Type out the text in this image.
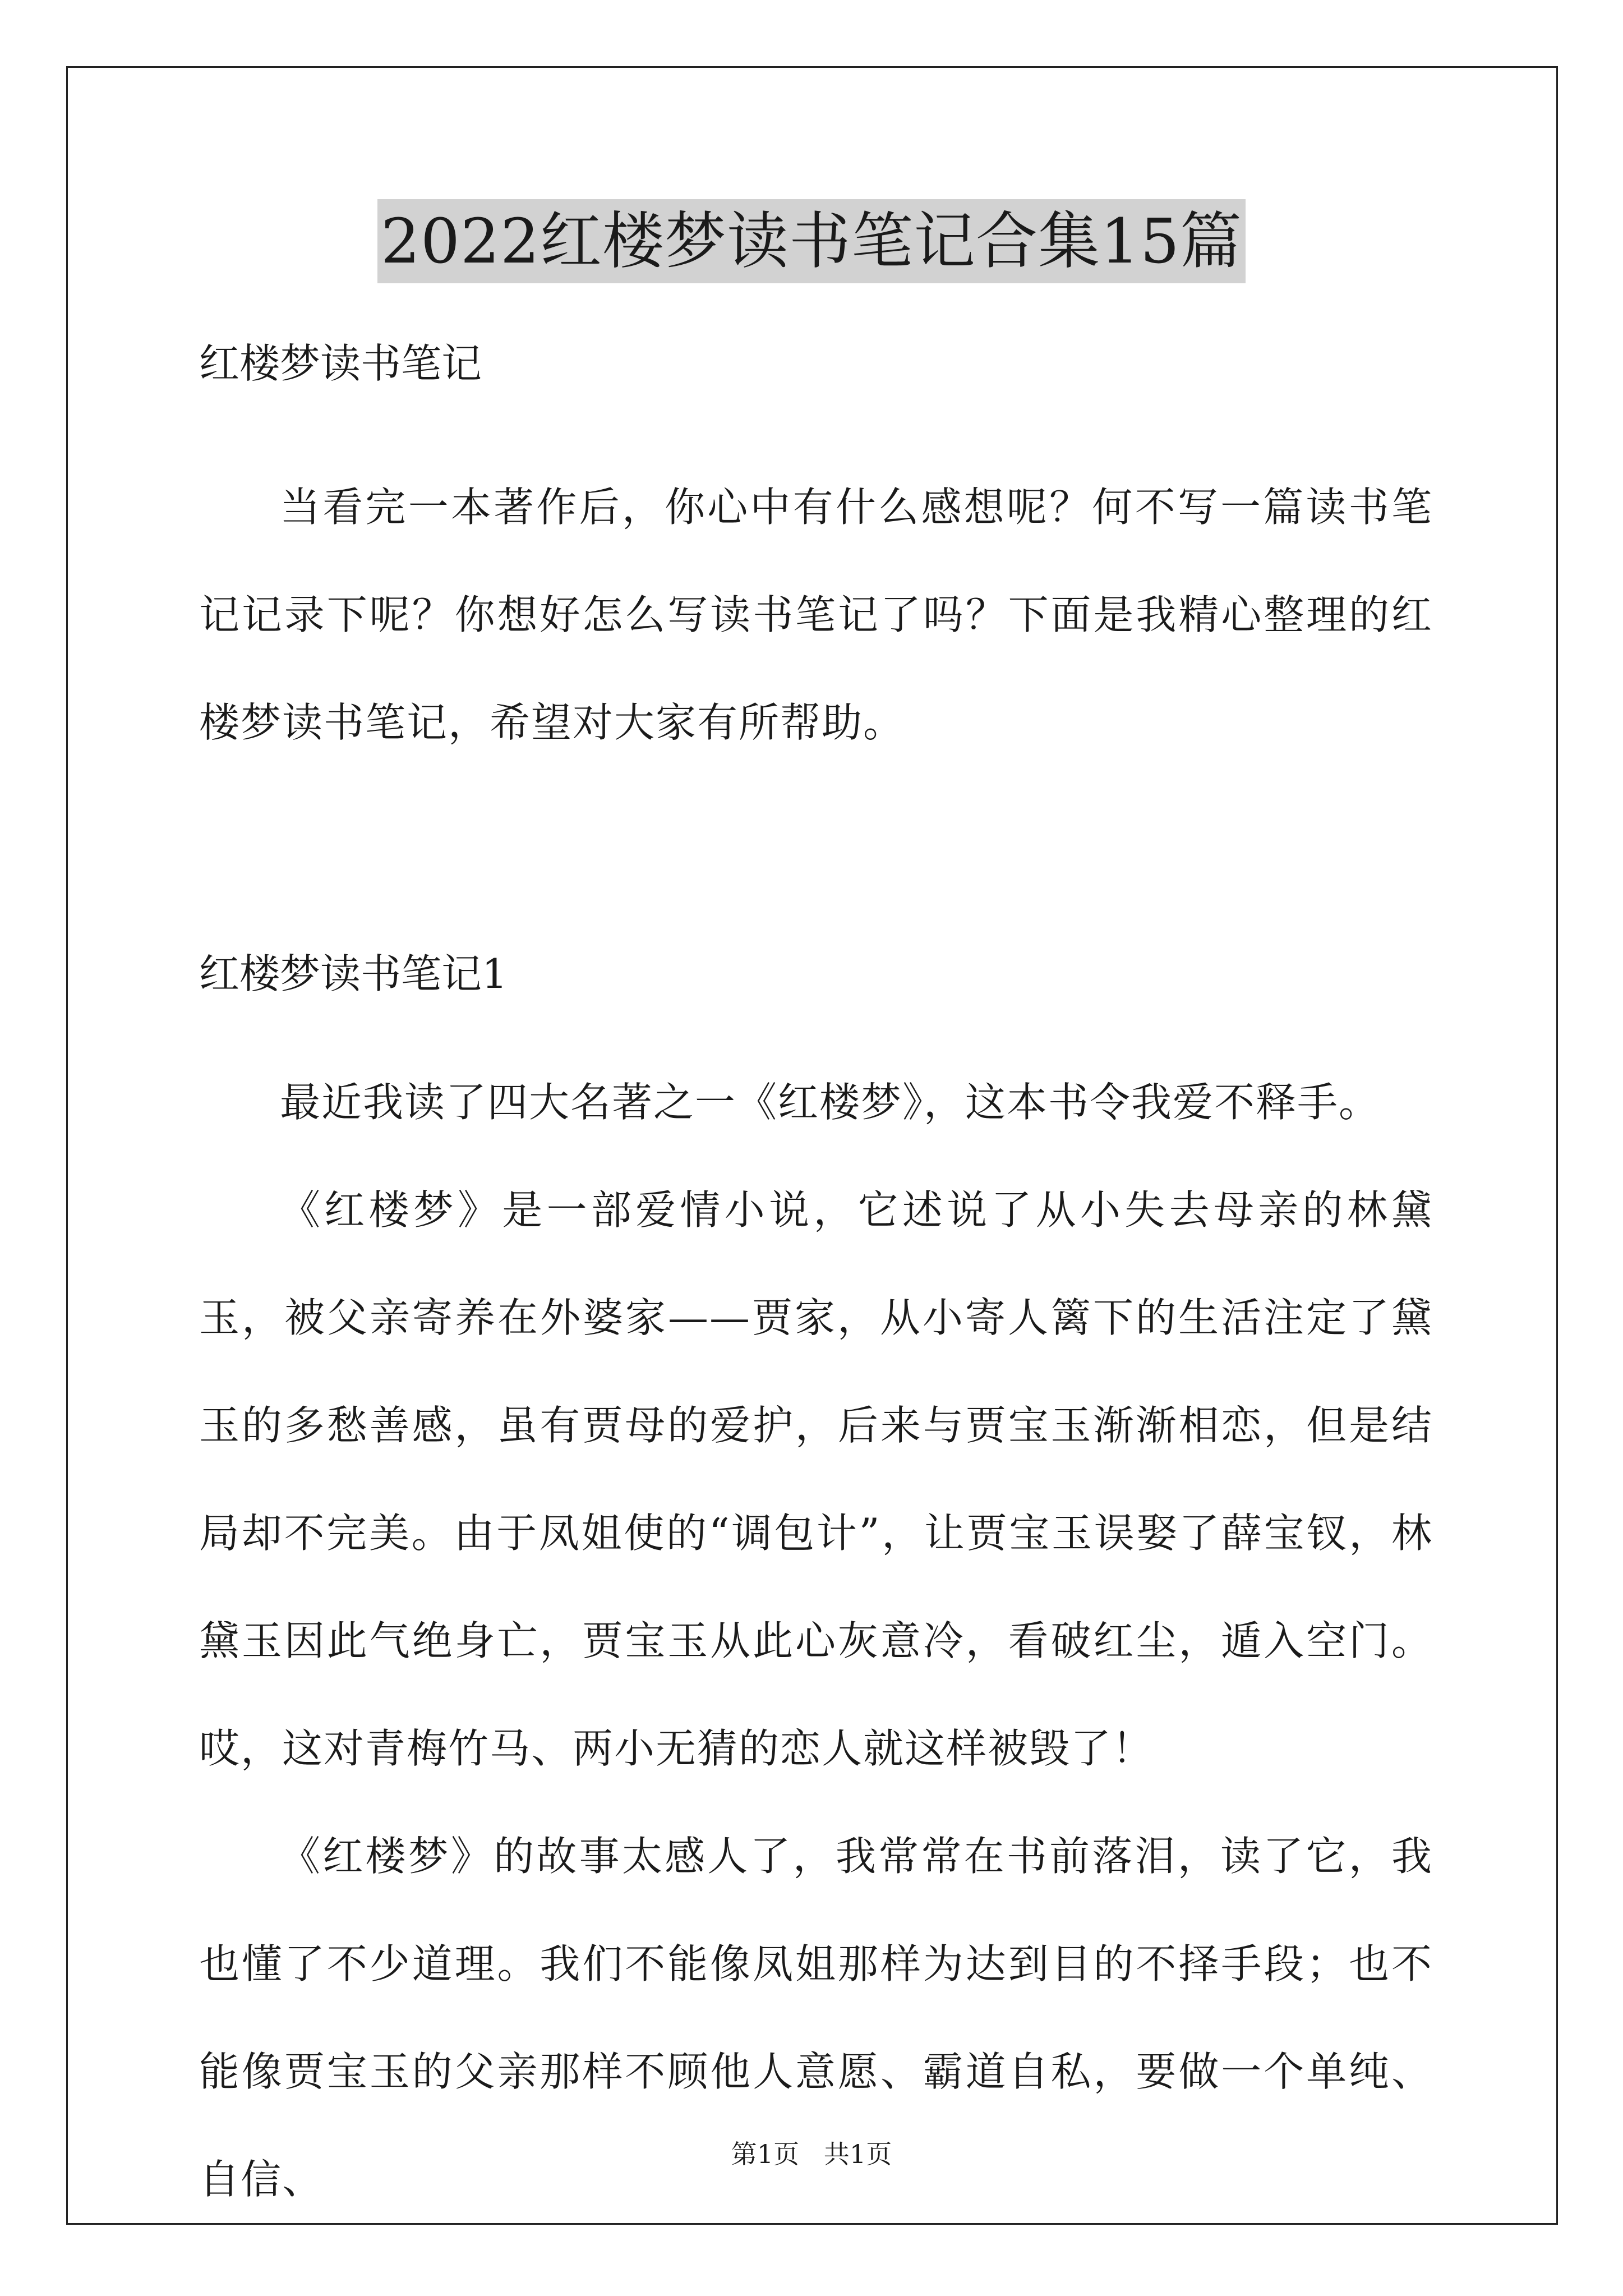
2022红楼梦读书笔记合集15篇

红楼梦读书笔记

当看完一本著作后，你心中有什么感想呢？何不写一篇读书笔记记录下呢？你想好怎么写读书笔记了吗？下面是我精心整理的红楼梦读书笔记，希望对大家有所帮助。

红楼梦读书笔记1

最近我读了四大名著之一《红楼梦》，这本书令我爱不释手。

《红楼梦》是一部爱情小说，它述说了从小失去母亲的林黛玉，被父亲寄养在外婆家——贾家，从小寄人篱下的生活注定了黛玉的多愁善感，虽有贾母的爱护，后来与贾宝玉渐渐相恋，但是结局却不完美。由于凤姐使的“调包计”，让贾宝玉误娶了薛宝钗，林黛玉因此气绝身亡，贾宝玉从此心灰意冷，看破红尘，遁入空门。哎，这对青梅竹马、两小无猜的恋人就这样被毁了！

《红楼梦》的故事太感人了，我常常在书前落泪，读了它，我也懂了不少道理。我们不能像凤姐那样为达到目的不择手段；也不能像贾宝玉的父亲那样不顾他人意愿、霸道自私，要做一个单纯、自信、

第1页   共1页
